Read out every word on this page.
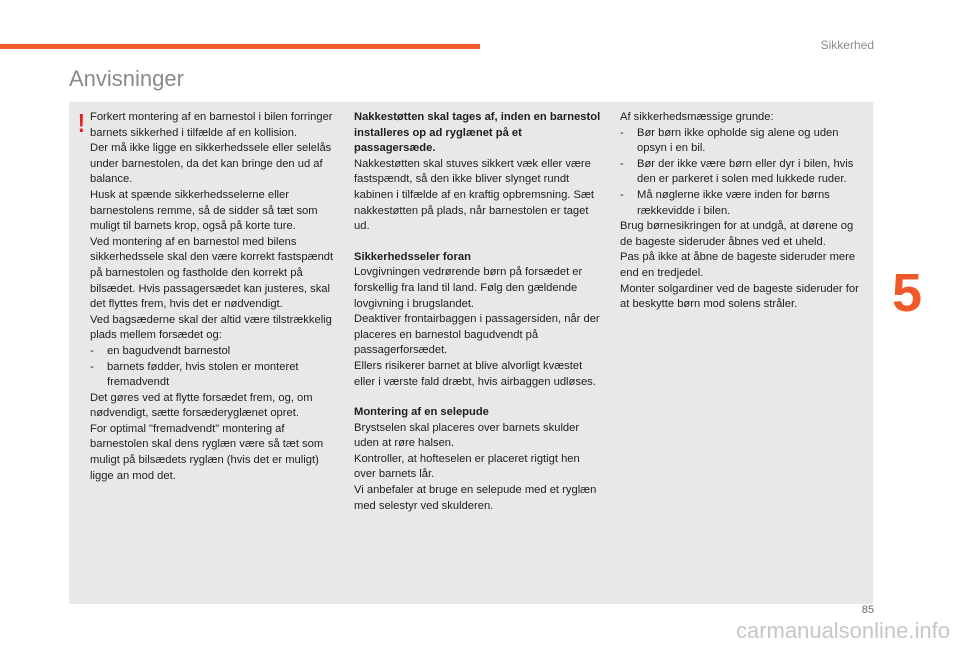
Sikkerhed
Anvisninger
! Forkert montering af en barnestol i bilen forringer barnets sikkerhed i tilfælde af en kollision.

Der må ikke ligge en sikkerhedssele eller selelås under barnestolen, da det kan bringe den ud af balance.

Husk at spænde sikkerhedsselerne eller barnestolens remme, så de sidder så tæt som muligt til barnets krop, også på korte ture.

Ved montering af en barnestol med bilens sikkerhedssele skal den være korrekt fastspændt på barnestolen og fastholde den korrekt på bilsædet. Hvis passagersædet kan justeres, skal det flyttes frem, hvis det er nødvendigt.

Ved bagsæderne skal der altid være tilstrækkelig plads mellem forsædet og:

- en bagudvendt barnestol
- barnets fødder, hvis stolen er monteret fremadvendt

Det gøres ved at flytte forsædet frem, og, om nødvendigt, sætte forsæderyglænet opret.

For optimal "fremadvendt" montering af barnestolen skal dens ryglæn være så tæt som muligt på bilsædets ryglæn (hvis det er muligt) ligge an mod det.

Nakkestøtten skal tages af, inden en barnestol installeres op ad ryglænet på et passagersæde.

Nakkestøtten skal stuves sikkert væk eller være fastspændt, så den ikke bliver slynget rundt kabinen i tilfælde af en kraftig opbremsning. Sæt nakkestøtten på plads, når barnestolen er taget ud.

Sikkerhedsseler foran

Lovgivningen vedrørende børn på forsædet er forskellig fra land til land. Følg den gældende lovgivning i brugslandet.

Deaktiver frontairbaggen i passagersiden, når der placeres en barnestol bagudvendt på passagerforsædet.

Ellers risikerer barnet at blive alvorligt kvæstet eller i værste fald dræbt, hvis airbaggen udløses.

Montering af en selepude

Brystselen skal placeres over barnets skulder uden at røre halsen.

Kontroller, at hofteselen er placeret rigtigt hen over barnets lår.

Vi anbefaler at bruge en selepude med et ryglæn med selestyr ved skulderen.

Af sikkerhedsmæssige grunde:

- Bør børn ikke opholde sig alene og uden opsyn i en bil.
- Bør der ikke være børn eller dyr i bilen, hvis den er parkeret i solen med lukkede ruder.
- Må nøglerne ikke være inden for børns rækkevidde i bilen.

Brug børnesikringen for at undgå, at dørene og de bageste sideruder åbnes ved et uheld.

Pas på ikke at åbne de bageste sideruder mere end en tredjedel.

Monter solgardiner ved de bageste sideruder for at beskytte børn mod solens stråler.	5
85
carmanualsonline.info
